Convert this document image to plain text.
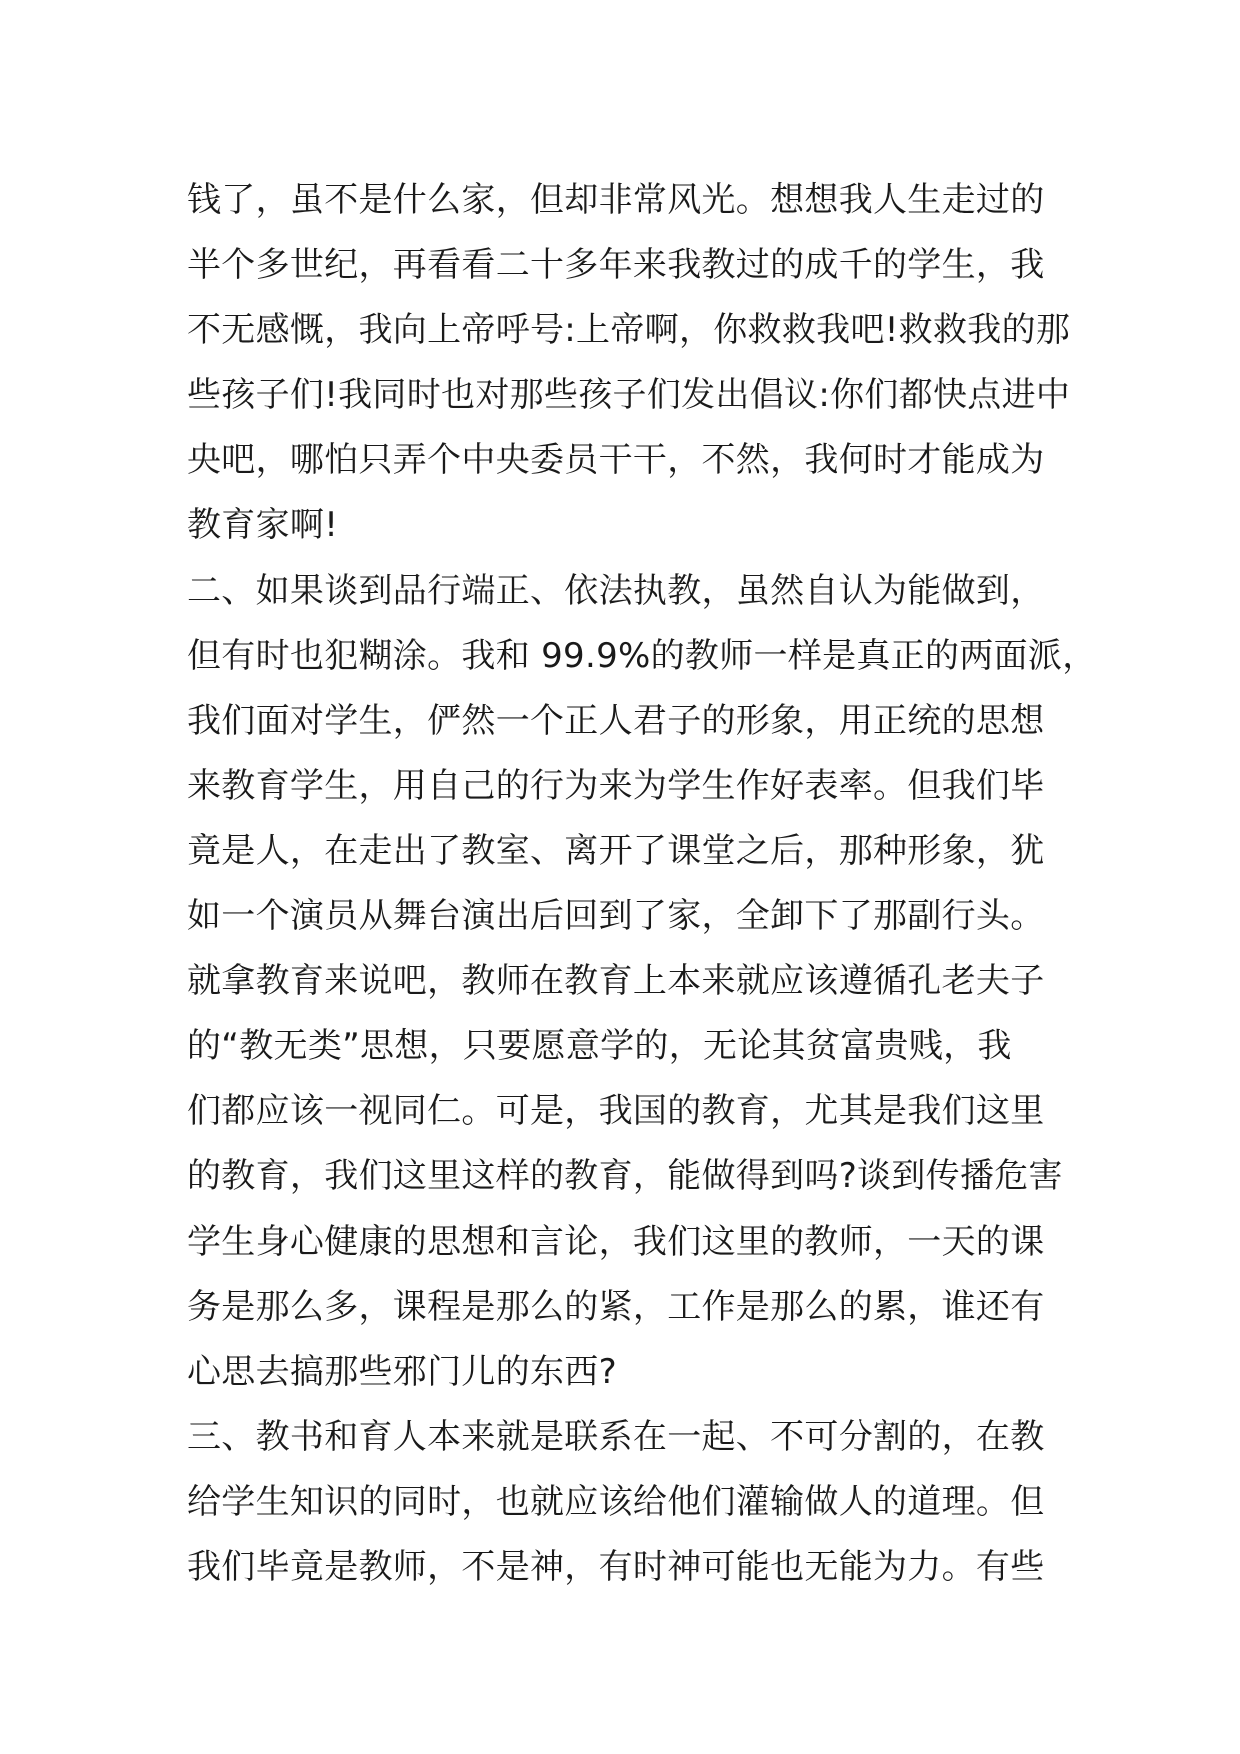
钱了，虽不是什么家，但却非常风光。想想我人生走过的
半个多世纪，再看看二十多年来我教过的成千的学生，我
不无感慨，我向上帝呼号:上帝啊，你救救我吧!救救我的那
些孩子们!我同时也对那些孩子们发出倡议:你们都快点进中
央吧，哪怕只弄个中央委员干干，不然，我何时才能成为
教育家啊!
二、如果谈到品行端正、依法执教，虽然自认为能做到，
但有时也犯糊涂。我和 99.9%的教师一样是真正的两面派，
我们面对学生，俨然一个正人君子的形象，用正统的思想
来教育学生，用自己的行为来为学生作好表率。但我们毕
竟是人，在走出了教室、离开了课堂之后，那种形象，犹
如一个演员从舞台演出后回到了家，全卸下了那副行头。
就拿教育来说吧，教师在教育上本来就应该遵循孔老夫子
的“教无类”思想，只要愿意学的，无论其贫富贵贱，我
们都应该一视同仁。可是，我国的教育，尤其是我们这里
的教育，我们这里这样的教育，能做得到吗?谈到传播危害
学生身心健康的思想和言论，我们这里的教师，一天的课
务是那么多，课程是那么的紧，工作是那么的累，谁还有
心思去搞那些邪门儿的东西?
三、教书和育人本来就是联系在一起、不可分割的，在教
给学生知识的同时，也就应该给他们灌输做人的道理。但
我们毕竟是教师，不是神，有时神可能也无能为力。有些
